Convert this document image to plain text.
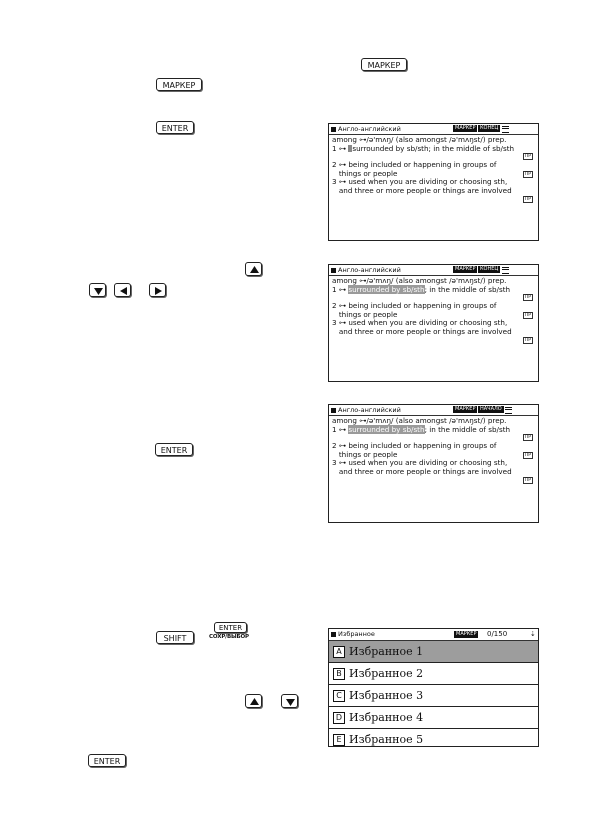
МАРКЕР
МАРКЕР
ENTER	Англо-английский	МАРКЕР КОНЕЦ
among ⊶/ə'mʌŋ/ (also amongst /ə'mʌŋst/) prep.
1 ⊶ surrounded by sb/sth; in the middle of sb/sth
ПР
2 ⊶ being included or happening in groups of
things or people	ПР
3 ⊶ used when you are dividing or choosing sth,
and three or more people or things are involved
ПР
Англо-английский	МАРКЕР КОНЕЦ
among ⊶/ə'mʌŋ/ (also amongst /ə'mʌŋst/) prep.
1 ⊶ surrounded by sb/sth; in the middle of sb/sth
ПР
2 ⊶ being included or happening in groups of
things or people	ПР
3 ⊶ used when you are dividing or choosing sth,
and three or more people or things are involved
ПР
ENTER
Англо-английский	МАРКЕР НАЧАЛО
among ⊶/ə'mʌŋ/ (also amongst /ə'mʌŋst/) prep.
1 ⊶ surrounded by sb/sth; in the middle of sb/sth
ПР
2 ⊶ being included or happening in groups of
things or people	ПР
3 ⊶ used when you are dividing or choosing sth,
and three or more people or things are involved
ПР
SHIFT
ENTER
СОХР/ВЫБОР
ENTER
Избранное	МАРКЕР 0/150	⇣
A Избранное 1
B Избранное 2
C Избранное 3
D Избранное 4
E Избранное 5
